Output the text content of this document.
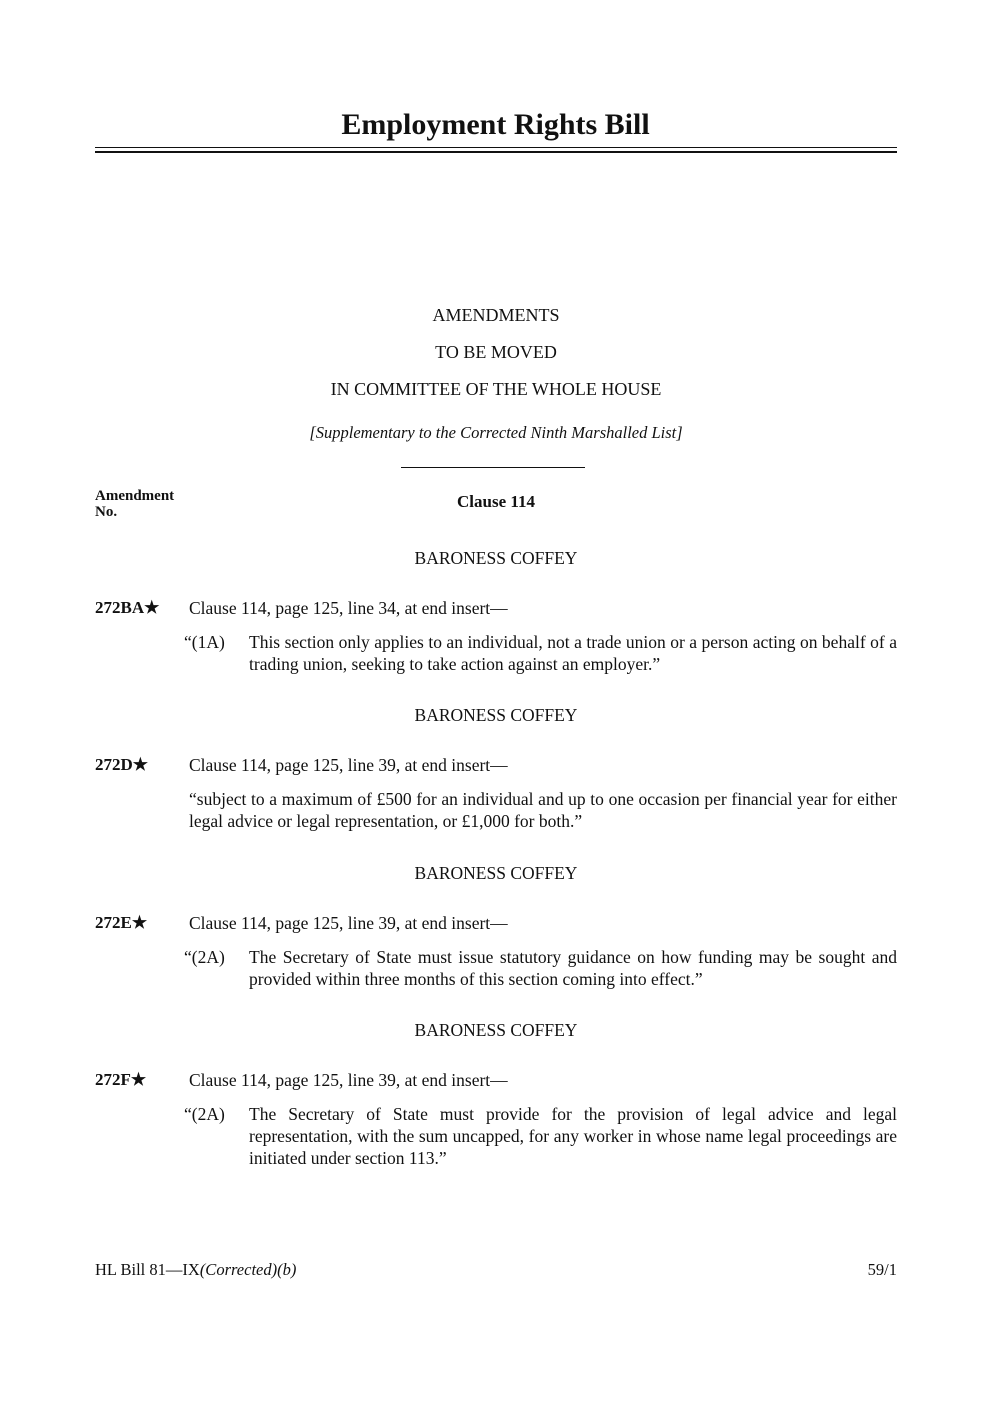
Employment Rights Bill
AMENDMENTS
TO BE MOVED
IN COMMITTEE OF THE WHOLE HOUSE
[Supplementary to the Corrected Ninth Marshalled List]
Amendment
No.
Clause 114
BARONESS COFFEY
272BA★ Clause 114, page 125, line 34, at end insert—
“(1A) This section only applies to an individual, not a trade union or a person acting on behalf of a trading union, seeking to take action against an employer.”
BARONESS COFFEY
272D★ Clause 114, page 125, line 39, at end insert—
“subject to a maximum of £500 for an individual and up to one occasion per financial year for either legal advice or legal representation, or £1,000 for both.”
BARONESS COFFEY
272E★ Clause 114, page 125, line 39, at end insert—
“(2A) The Secretary of State must issue statutory guidance on how funding may be sought and provided within three months of this section coming into effect.”
BARONESS COFFEY
272F★ Clause 114, page 125, line 39, at end insert—
“(2A) The Secretary of State must provide for the provision of legal advice and legal representation, with the sum uncapped, for any worker in whose name legal proceedings are initiated under section 113.”
HL Bill 81—IX(Corrected)(b)	59/1
